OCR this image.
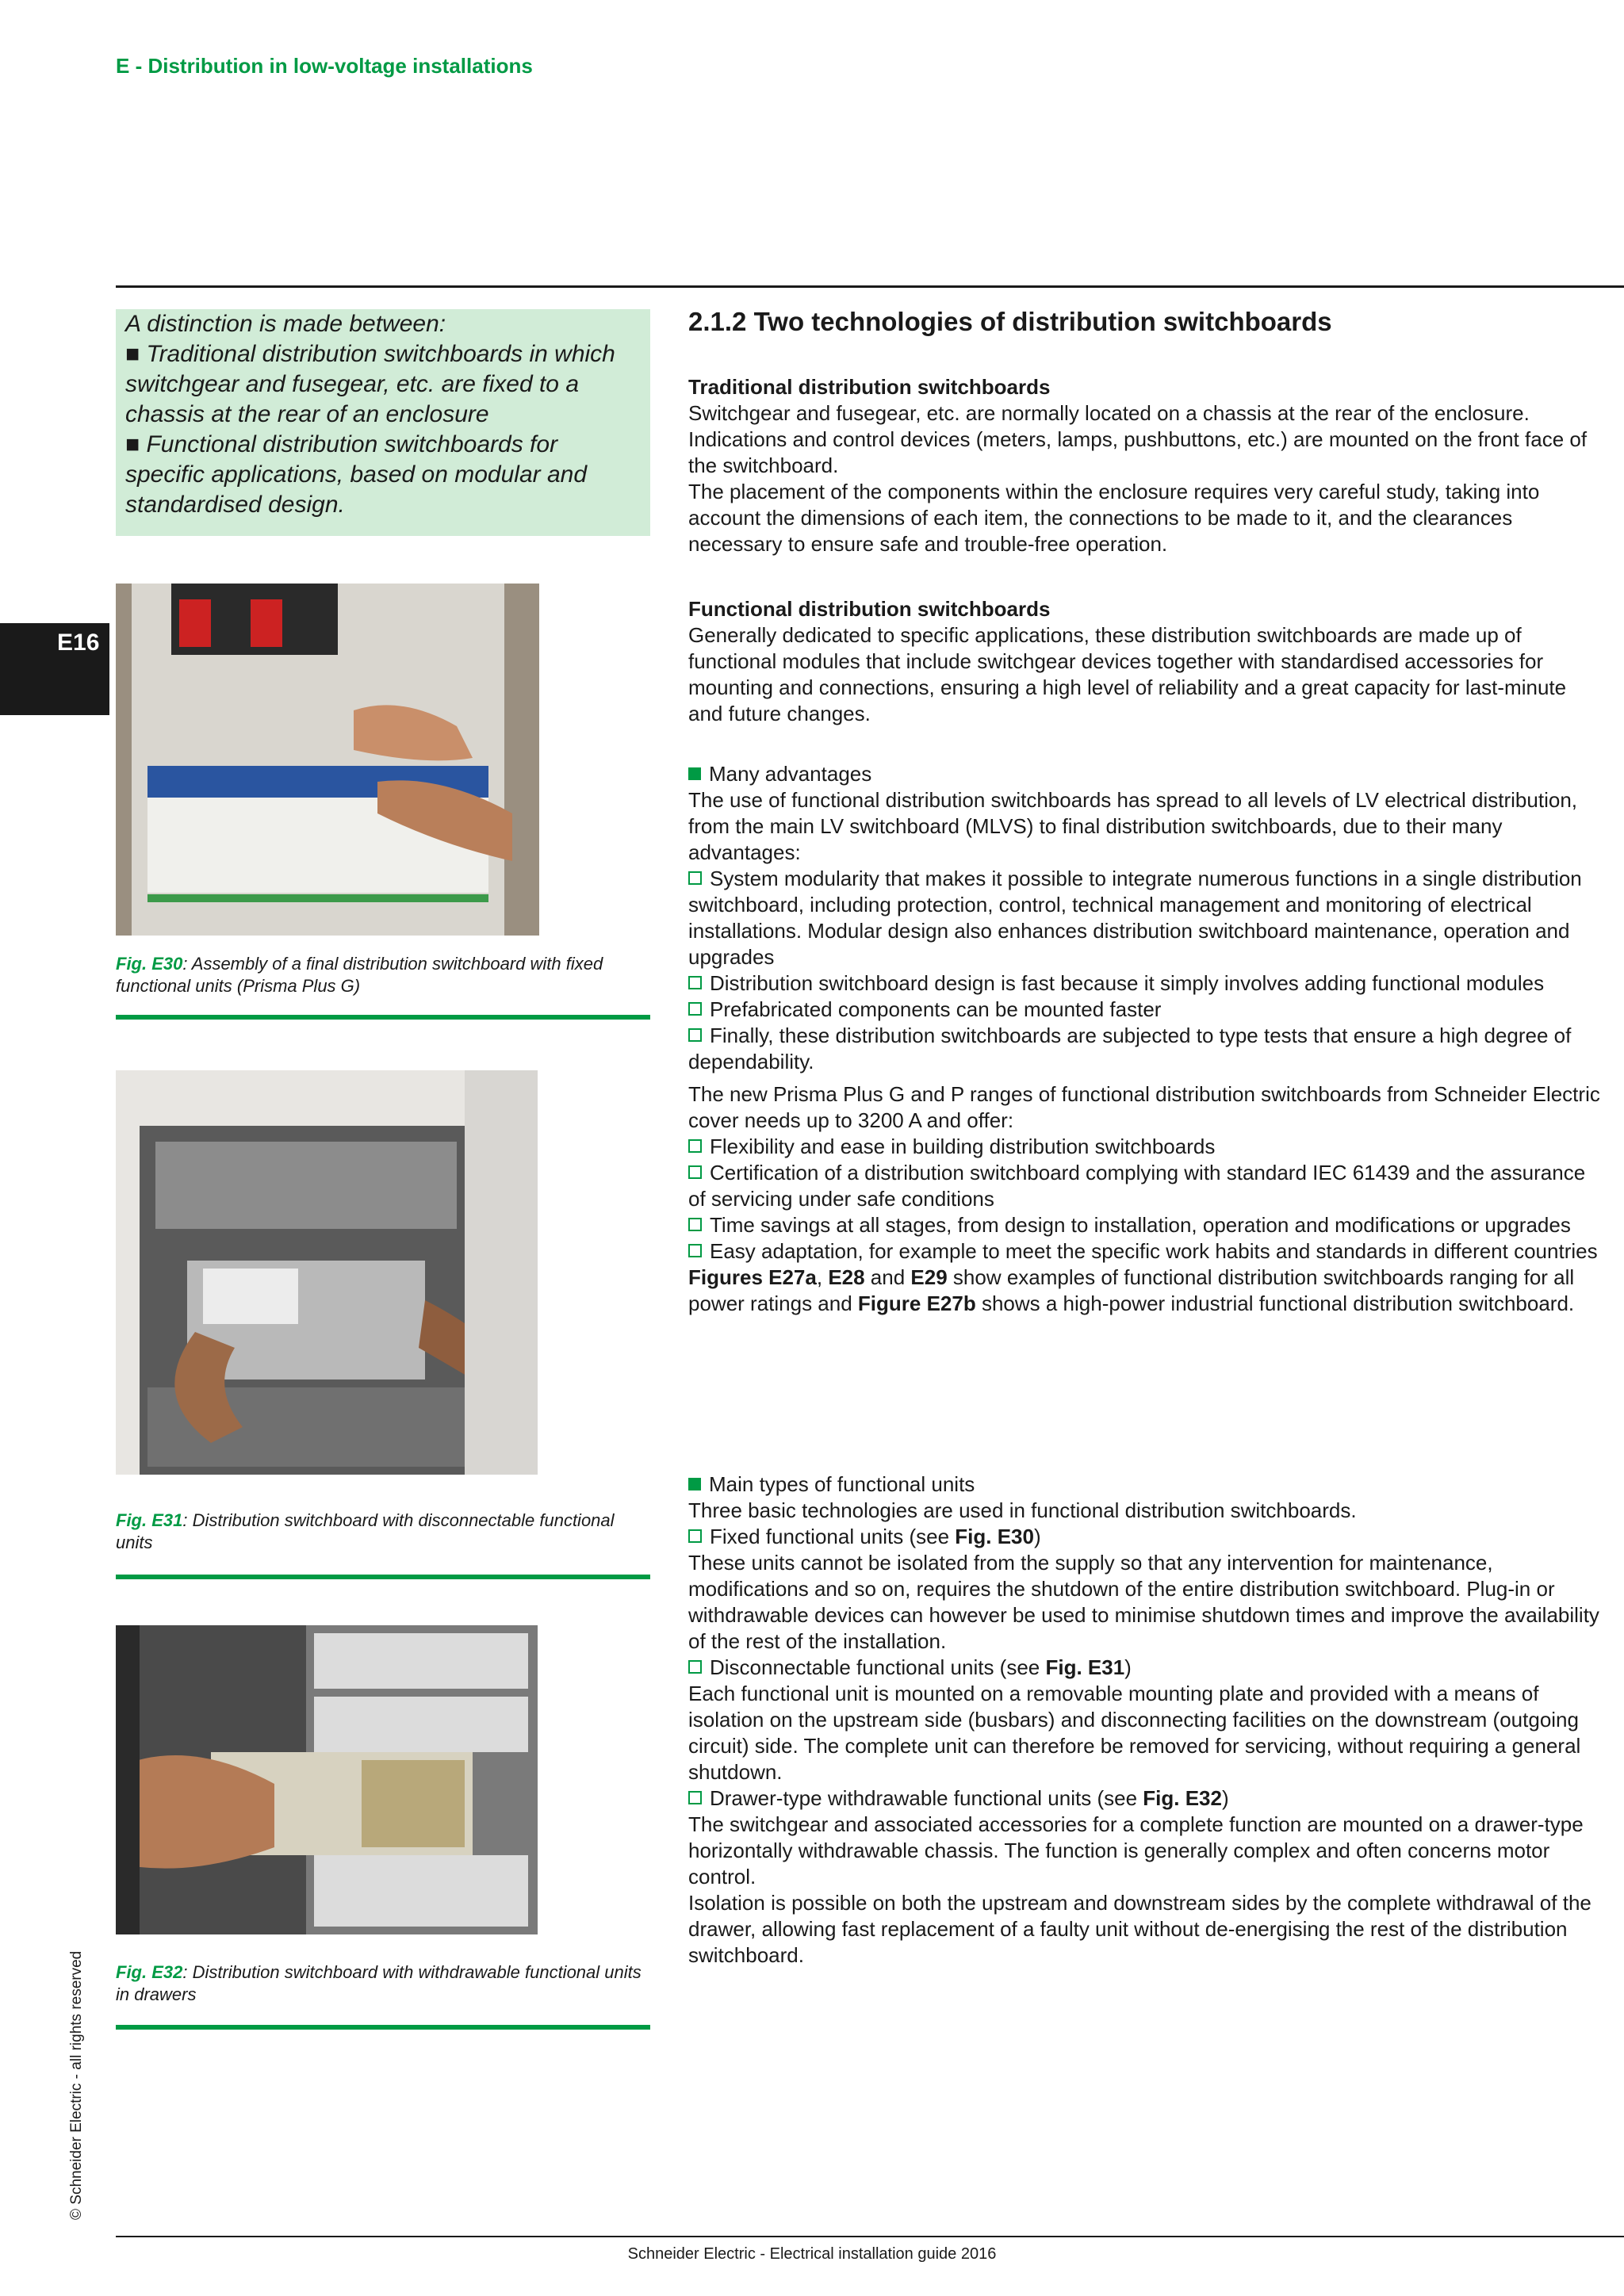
E - Distribution in low-voltage installations
E16

A distinction is made between:

■ Traditional distribution switchboards in which switchgear and fusegear, etc. are fixed to a chassis at the rear of an enclosure

■ Functional distribution switchboards for specific applications, based on modular and standardised design.

Fig. E30: Assembly of a final distribution switchboard with fixed functional units (Prisma Plus G)
Fig. E31: Distribution switchboard with disconnectable functional units
Fig. E32: Distribution switchboard with withdrawable functional units in drawers

2.1.2 Two technologies of distribution switchboards

Traditional distribution switchboards

Switchgear and fusegear, etc. are normally located on a chassis at the rear of the enclosure. Indications and control devices (meters, lamps, pushbuttons, etc.) are mounted on the front face of the switchboard.

The placement of the components within the enclosure requires very careful study, taking into account the dimensions of each item, the connections to be made to it, and the clearances necessary to ensure safe and trouble-free operation.

Functional distribution switchboards

Generally dedicated to specific applications, these distribution switchboards are made up of functional modules that include switchgear devices together with standardised accessories for mounting and connections, ensuring a high level of reliability and a great capacity for last-minute and future changes.

Many advantages

The use of functional distribution switchboards has spread to all levels of LV electrical distribution, from the main LV switchboard (MLVS) to final distribution switchboards, due to their many advantages:

System modularity that makes it possible to integrate numerous functions in a single distribution switchboard, including protection, control, technical management and monitoring of electrical installations. Modular design also enhances distribution switchboard maintenance, operation and upgrades

Distribution switchboard design is fast because it simply involves adding functional modules

Prefabricated components can be mounted faster

Finally, these distribution switchboards are subjected to type tests that ensure a high degree of dependability.

The new Prisma Plus G and P ranges of functional distribution switchboards from Schneider Electric cover needs up to 3200 A and offer:

Flexibility and ease in building distribution switchboards

Certification of a distribution switchboard complying with standard IEC 61439 and the assurance of servicing under safe conditions

Time savings at all stages, from design to installation, operation and modifications or upgrades

Easy adaptation, for example to meet the specific work habits and standards in different countries

Figures E27a, E28 and E29 show examples of functional distribution switchboards ranging for all power ratings and Figure E27b shows a high-power industrial functional distribution switchboard.

Main types of functional units

Three basic technologies are used in functional distribution switchboards.

Fixed functional units (see Fig. E30)

These units cannot be isolated from the supply so that any intervention for maintenance, modifications and so on, requires the shutdown of the entire distribution switchboard. Plug-in or withdrawable devices can however be used to minimise shutdown times and improve the availability of the rest of the installation.

Disconnectable functional units (see Fig. E31)

Each functional unit is mounted on a removable mounting plate and provided with a means of isolation on the upstream side (busbars) and disconnecting facilities on the downstream (outgoing circuit) side. The complete unit can therefore be removed for servicing, without requiring a general shutdown.

Drawer-type withdrawable functional units (see Fig. E32)

The switchgear and associated accessories for a complete function are mounted on a drawer-type horizontally withdrawable chassis. The function is generally complex and often concerns motor control.

Isolation is possible on both the upstream and downstream sides by the complete withdrawal of the drawer, allowing fast replacement of a faulty unit without de-energising the rest of the distribution switchboard.

© Schneider Electric - all rights reserved
Schneider Electric - Electrical installation guide 2016
